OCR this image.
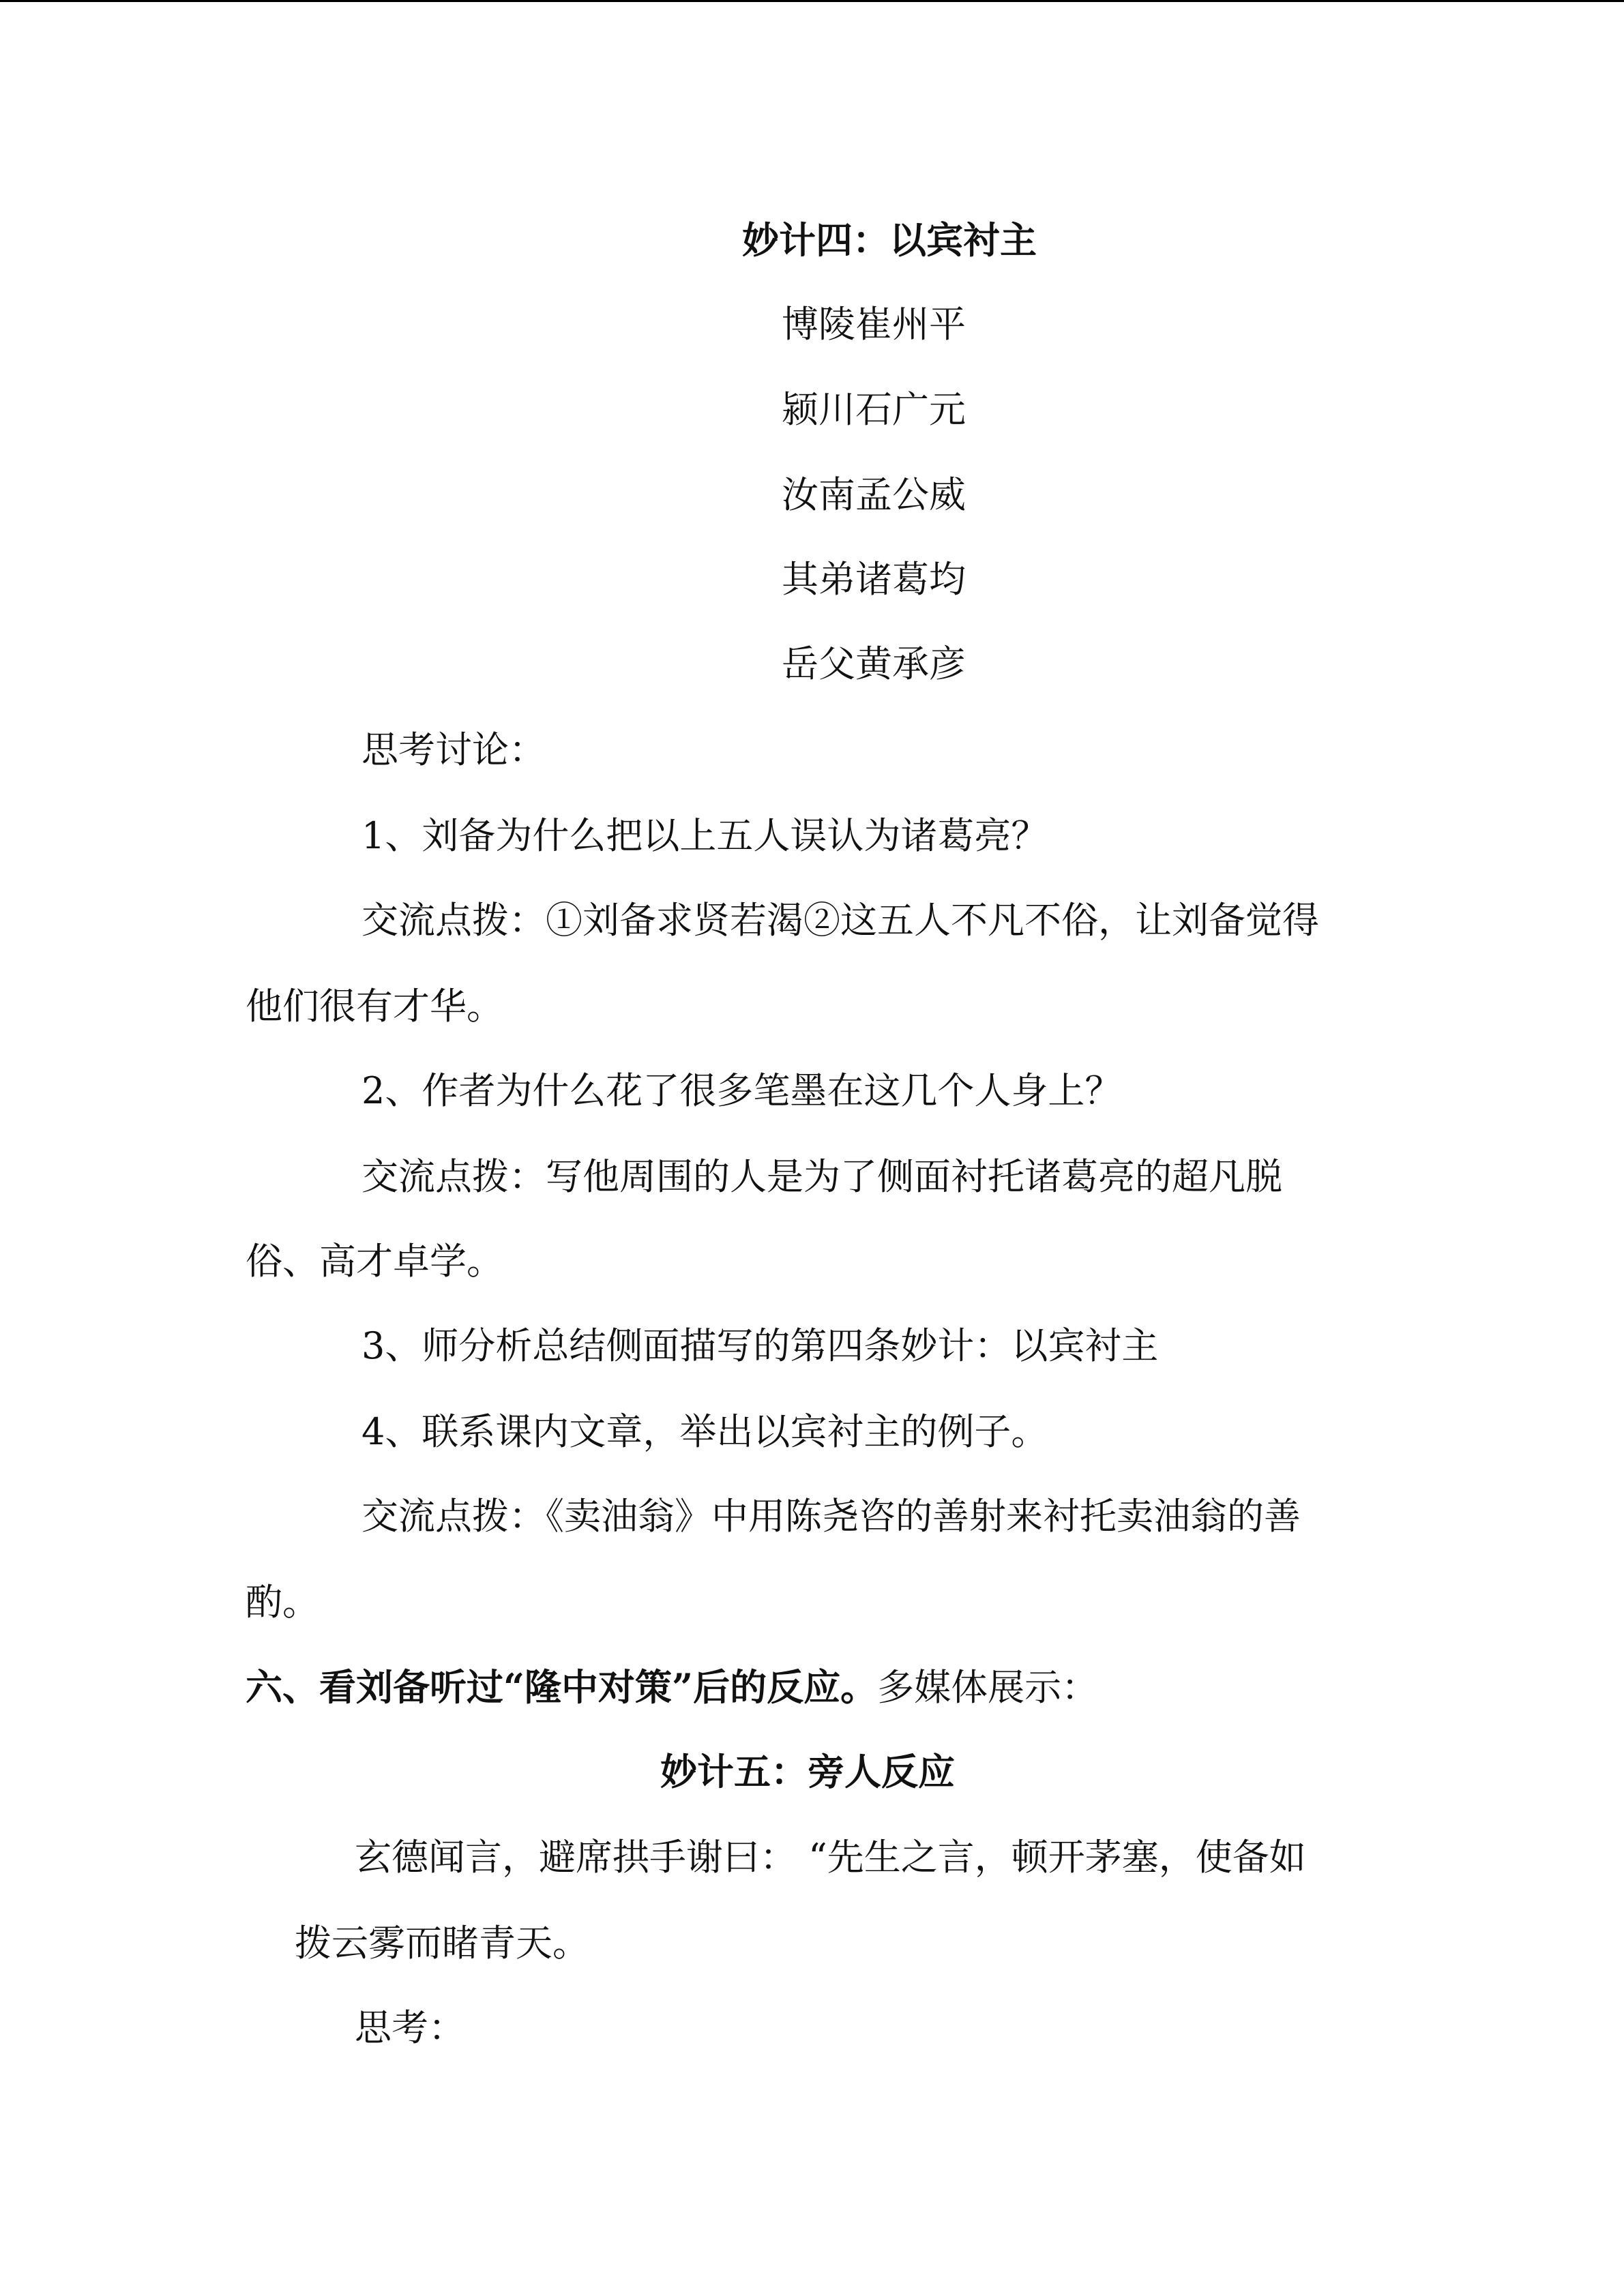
妙计四：以宾衬主

博陵崔州平

颍川石广元

汝南孟公威

其弟诸葛均

岳父黄承彦

思考讨论：

1、刘备为什么把以上五人误认为诸葛亮？

交流点拨：①刘备求贤若渴②这五人不凡不俗，让刘备觉得

他们很有才华。

2、作者为什么花了很多笔墨在这几个人身上？

交流点拨：写他周围的人是为了侧面衬托诸葛亮的超凡脱

俗、高才卓学。

3、师分析总结侧面描写的第四条妙计：以宾衬主

4、联系课内文章，举出以宾衬主的例子。

交流点拨：《卖油翁》中用陈尧咨的善射来衬托卖油翁的善

酌。

六、看刘备听过“隆中对策”后的反应。多媒体展示：

妙计五：旁人反应

玄德闻言，避席拱手谢曰： “先生之言，顿开茅塞，使备如

拨云雾而睹青天。

思考：
